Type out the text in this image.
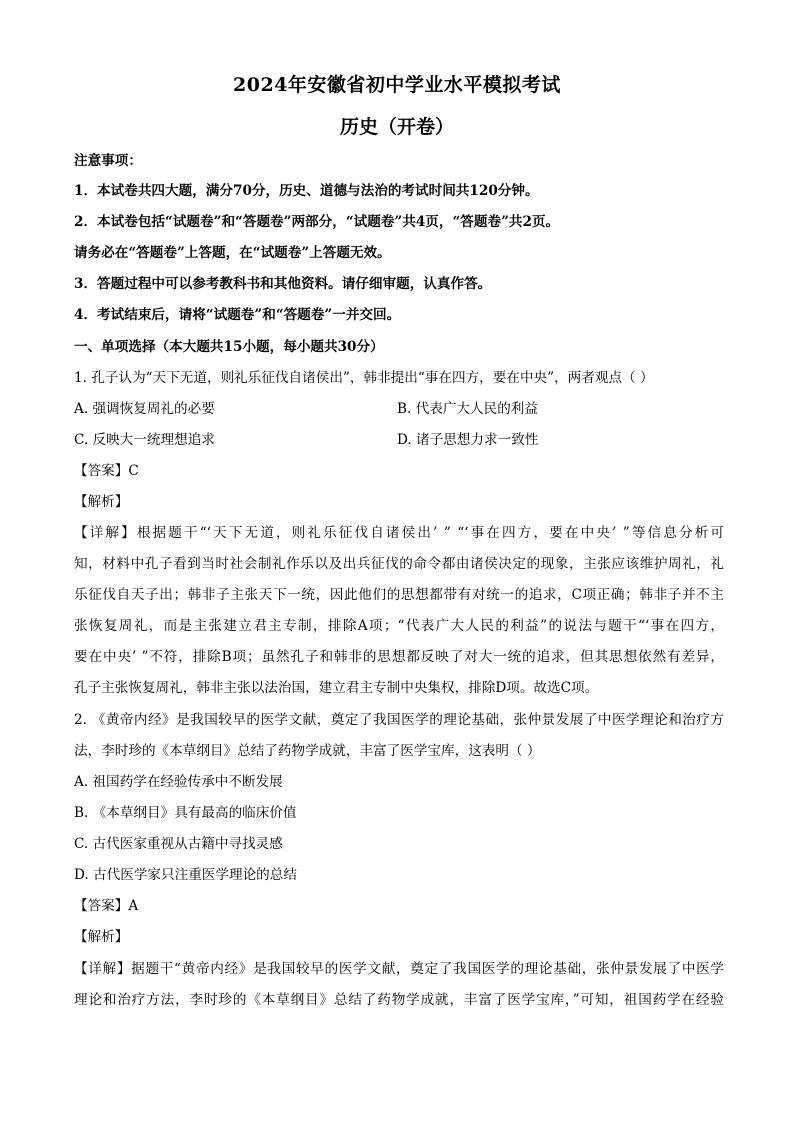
2024年安徽省初中学业水平模拟考试
历史（开卷）
注意事项：
1．本试卷共四大题，满分70分，历史、道德与法治的考试时间共120分钟。
2．本试卷包括“试题卷”和“答题卷”两部分，“试题卷”共4页，“答题卷”共2页。
请务必在“答题卷”上答题，在“试题卷”上答题无效。
3．答题过程中可以参考教科书和其他资料。请仔细审题，认真作答。
4．考试结束后，请将“试题卷”和“答题卷”一并交回。
一、单项选择（本大题共15小题，每小题共30分）
1. 孔子认为“天下无道，则礼乐征伐自诸侯出”，韩非提出“事在四方，要在中央”，两者观点（ ）
A. 强调恢复周礼的必要	B. 代表广大人民的利益
C. 反映大一统理想追求	D. 诸子思想力求一致性
【答案】C
【解析】
【详解】根据题干“‘天下无道，则礼乐征伐自诸侯出’ ” “‘事在四方，要在中央’ ”等信息分析可
知，材料中孔子看到当时社会制礼作乐以及出兵征伐的命令都由诸侯决定的现象，主张应该维护周礼，礼
乐征伐自天子出；韩非子主张天下一统，因此他们的思想都带有对统一的追求，C项正确；韩非子并不主
张恢复周礼，而是主张建立君主专制，排除A项；“代表广大人民的利益”的说法与题干“‘事在四方，
要在中央’ ”不符，排除B项；虽然孔子和韩非的思想都反映了对大一统的追求，但其思想依然有差异，
孔子主张恢复周礼，韩非主张以法治国，建立君主专制中央集权，排除D项。故选C项。
2. 《黄帝内经》是我国较早的医学文献，奠定了我国医学的理论基础，张仲景发展了中医学理论和治疗方
法，李时珍的《本草纲目》总结了药物学成就，丰富了医学宝库，这表明（ ）
A. 祖国药学在经验传承中不断发展
B. 《本草纲目》具有最高的临床价值
C. 古代医家重视从古籍中寻找灵感
D. 古代医学家只注重医学理论的总结
【答案】A
【解析】
【详解】据题干“黄帝内经》是我国较早的医学文献，奠定了我国医学的理论基础，张仲景发展了中医学
理论和治疗方法，李时珍的《本草纲目》总结了药物学成就，丰富了医学宝库，”可知，祖国药学在经验
